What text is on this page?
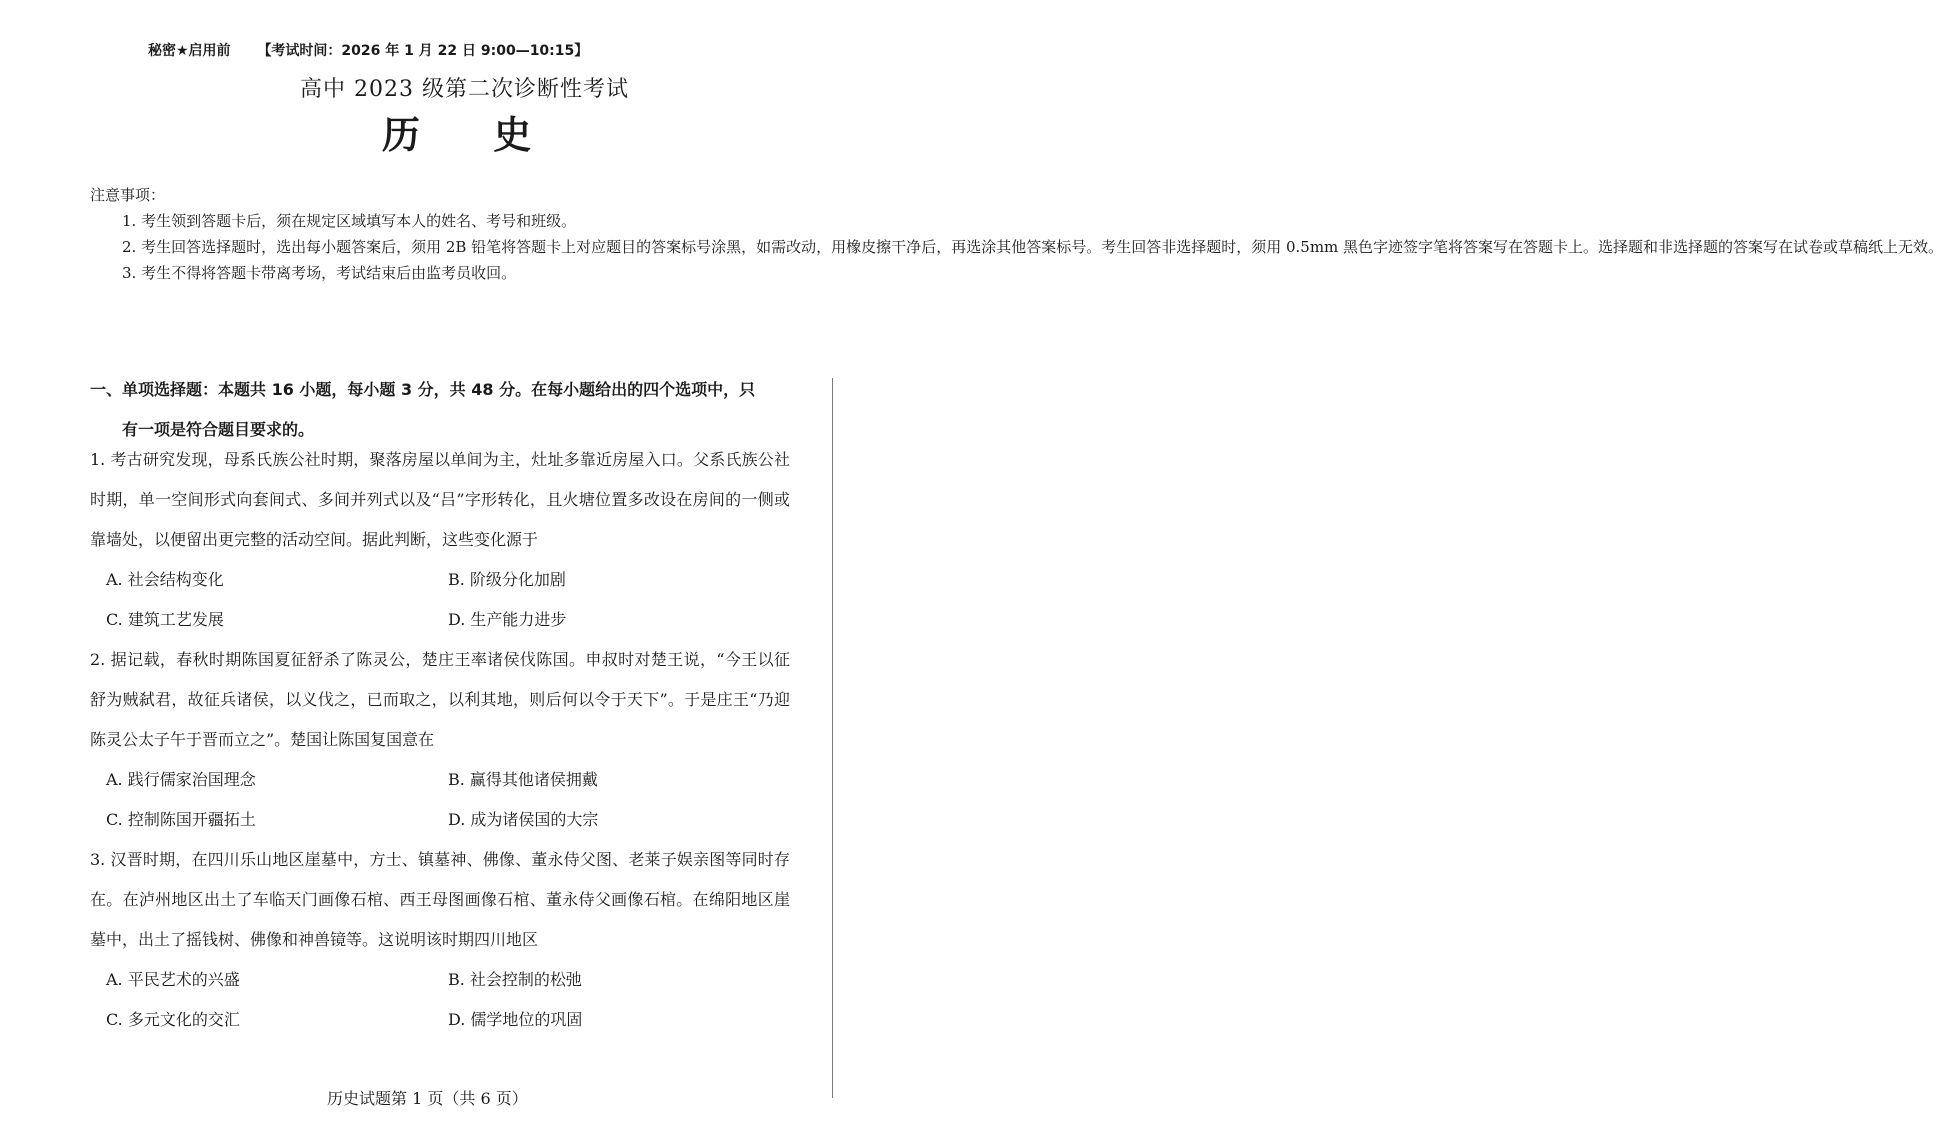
秘密★启用前 【考试时间：2026 年 1 月 22 日 9:00—10:15】
高中 2023 级第二次诊断性考试
历 史
注意事项：

1. 考生领到答题卡后，须在规定区域填写本人的姓名、考号和班级。

2. 考生回答选择题时，选出每小题答案后，须用 2B 铅笔将答题卡上对应题目的答案标号涂黑，如需改动，用橡皮擦干净后，再选涂其他答案标号。考生回答非选择题时，须用 0.5mm 黑色字迹签字笔将答案写在答题卡上。选择题和非选择题的答案写在试卷或草稿纸上无效。

3. 考生不得将答题卡带离考场，考试结束后由监考员收回。

一、单项选择题：本题共 16 小题，每小题 3 分，共 48 分。在每小题给出的四个选项中，只
有一项是符合题目要求的。

1. 考古研究发现，母系氏族公社时期，聚落房屋以单间为主，灶址多靠近房屋入口。父系氏族公社时期，单一空间形式向套间式、多间并列式以及“吕”字形转化，且火塘位置多改设在房间的一侧或靠墙处，以便留出更完整的活动空间。据此判断，这些变化源于

A. 社会结构变化	B. 阶级分化加剧
C. 建筑工艺发展	D. 生产能力进步

2. 据记载，春秋时期陈国夏征舒杀了陈灵公，楚庄王率诸侯伐陈国。申叔时对楚王说，“今王以征舒为贼弑君，故征兵诸侯，以义伐之，已而取之，以利其地，则后何以令于天下”。于是庄王“乃迎陈灵公太子午于晋而立之”。楚国让陈国复国意在

A. 践行儒家治国理念	B. 赢得其他诸侯拥戴
C. 控制陈国开疆拓土	D. 成为诸侯国的大宗

3. 汉晋时期，在四川乐山地区崖墓中，方士、镇墓神、佛像、董永侍父图、老莱子娱亲图等同时存在。在泸州地区出土了车临天门画像石棺、西王母图画像石棺、董永侍父画像石棺。在绵阳地区崖墓中，出土了摇钱树、佛像和神兽镜等。这说明该时期四川地区

A. 平民艺术的兴盛	B. 社会控制的松弛
C. 多元文化的交汇	D. 儒学地位的巩固
历史试题第 1 页（共 6 页）
